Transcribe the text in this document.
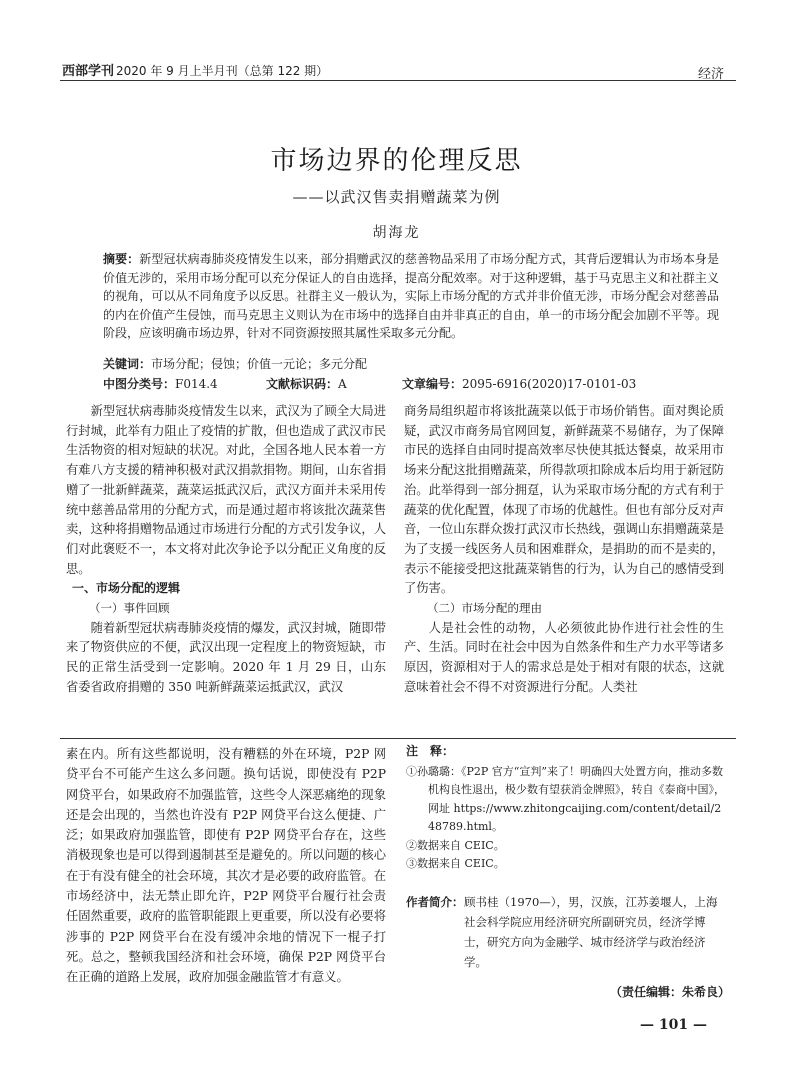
西部学刊 2020 年 9 月上半月刊（总第 122 期）	经济
市场边界的伦理反思
——以武汉售卖捐赠蔬菜为例
胡海龙
摘要：新型冠状病毒肺炎疫情发生以来，部分捐赠武汉的慈善物品采用了市场分配方式，其背后逻辑认为市场本身是价值无涉的，采用市场分配可以充分保证人的自由选择，提高分配效率。对于这种逻辑，基于马克思主义和社群主义的视角，可以从不同角度予以反思。社群主义一般认为，实际上市场分配的方式并非价值无涉，市场分配会对慈善品的内在价值产生侵蚀，而马克思主义则认为在市场中的选择自由并非真正的自由，单一的市场分配会加剧不平等。现阶段，应该明确市场边界，针对不同资源按照其属性采取多元分配。
关键词：市场分配；侵蚀；价值一元论；多元分配
中图分类号：F014.4	文献标识码：A	文章编号：2095-6916(2020)17-0101-03

新型冠状病毒肺炎疫情发生以来，武汉为了顾全大局进行封城，此举有力阻止了疫情的扩散，但也造成了武汉市民生活物资的相对短缺的状况。对此，全国各地人民本着一方有难八方支援的精神积极对武汉捐款捐物。期间，山东省捐赠了一批新鲜蔬菜，蔬菜运抵武汉后，武汉方面并未采用传统中慈善品常用的分配方式，而是通过超市将该批次蔬菜售卖，这种将捐赠物品通过市场进行分配的方式引发争议，人们对此褒贬不一，本文将对此次争论予以分配正义角度的反思。

一、市场分配的逻辑

（一）事件回顾

随着新型冠状病毒肺炎疫情的爆发，武汉封城，随即带来了物资供应的不便，武汉出现一定程度上的物资短缺，市民的正常生活受到一定影响。2020 年 1 月 29 日，山东省委省政府捐赠的 350 吨新鲜蔬菜运抵武汉，武汉

商务局组织超市将该批蔬菜以低于市场价销售。面对舆论质疑，武汉市商务局官网回复，新鲜蔬菜不易储存，为了保障市民的选择自由同时提高效率尽快使其抵达餐桌，故采用市场来分配这批捐赠蔬菜，所得款项扣除成本后均用于新冠防治。此举得到一部分拥趸，认为采取市场分配的方式有利于蔬菜的优化配置，体现了市场的优越性。但也有部分反对声音，一位山东群众拨打武汉市长热线，强调山东捐赠蔬菜是为了支援一线医务人员和困难群众，是捐助的而不是卖的，表示不能接受把这批蔬菜销售的行为，认为自己的感情受到了伤害。

（二）市场分配的理由

人是社会性的动物，人必须彼此协作进行社会性的生产、生活。同时在社会中因为自然条件和生产力水平等诸多原因，资源相对于人的需求总是处于相对有限的状态，这就意味着社会不得不对资源进行分配。人类社

素在内。所有这些都说明，没有糟糕的外在环境，P2P 网贷平台不可能产生这么多问题。换句话说，即使没有 P2P 网贷平台，如果政府不加强监管，这些令人深恶痛绝的现象还是会出现的，当然也许没有 P2P 网贷平台这么便捷、广泛；如果政府加强监管，即使有 P2P 网贷平台存在，这些消极现象也是可以得到遏制甚至是避免的。所以问题的核心在于有没有健全的社会环境，其次才是必要的政府监管。在市场经济中，法无禁止即允许，P2P 网贷平台履行社会责任固然重要，政府的监管职能跟上更重要，所以没有必要将涉事的 P2P 网贷平台在没有缓冲余地的情况下一棍子打死。总之，整顿我国经济和社会环境，确保 P2P 网贷平台在正确的道路上发展，政府加强金融监管才有意义。

注　释：
①孙璐璐：《P2P 官方“宣判”来了！明确四大处置方向，推动多数机构良性退出，极少数有望获消金牌照》，转自《泰商中国》，网址 https://www.zhitongcaijing.com/content/detail/248789.html。
②数据来自 CEIC。
③数据来自 CEIC。
作者简介： 顾书桂（1970—），男，汉族，江苏姜堰人，上海社会科学院应用经济研究所副研究员，经济学博士，研究方向为金融学、城市经济学与政治经济学。
（责任编辑：朱希良）
— 101 —
